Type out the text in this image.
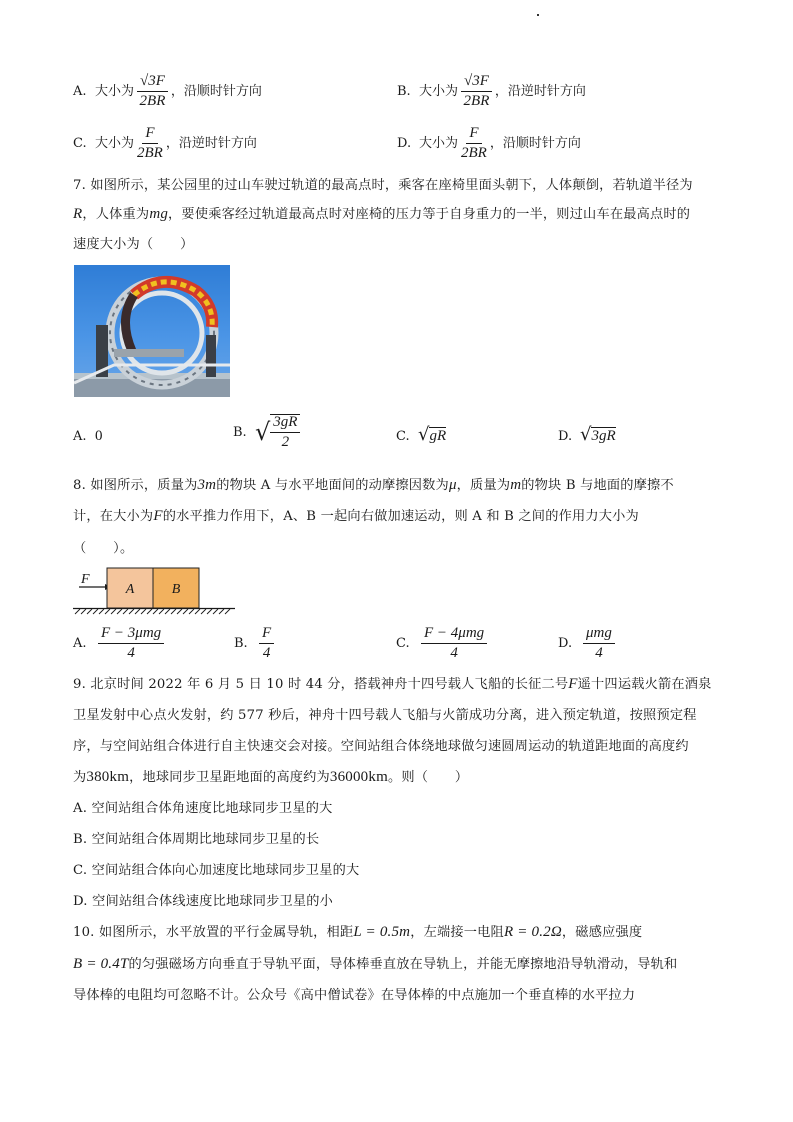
A. 大小为 $\frac{√3F}{2BR}$ ，沿顺时针方向	B. 大小为 $\frac{√3F}{2BR}$ ，沿逆时针方向
C. 大小为 $\frac{F}{2BR}$ ，沿逆时针方向	D. 大小为 $\frac{F}{2BR}$ ，沿顺时针方向
7. 如图所示，某公园里的过山车驶过轨道的最高点时，乘客在座椅里面头朝下，人体颠倒，若轨道半径为
R，人体重为mg，要使乘客经过轨道最高点时对座椅的压力等于自身重力的一半，则过山车在最高点时的
速度大小为（　　）
A. 0	B. √ $\frac{3gR}{2}$	C. √gR	D. √3gR
8. 如图所示，质量为3m的物块 A 与水平地面间的动摩擦因数为μ，质量为m的物块 B 与地面的摩擦不
计，在大小为F的水平推力作用下，A、B 一起向右做加速运动，则 A 和 B 之间的作用力大小为
（　　）。
F
A	B
A. $\frac{\text{F − 3μmg}}{4}$	B. $\frac{F}{4}$	C. $\frac{\text{F − 4μmg}}{4}$	D. $\frac{\text{μmg}}{4}$
9. 北京时间 2022 年 6 月 5 日 10 时 44 分，搭载神舟十四号载人飞船的长征二号F遥十四运载火箭在酒泉
卫星发射中心点火发射，约 577 秒后，神舟十四号载人飞船与火箭成功分离，进入预定轨道，按照预定程
序，与空间站组合体进行自主快速交会对接。空间站组合体绕地球做匀速圆周运动的轨道距地面的高度约
为380km，地球同步卫星距地面的高度约为36000km。则（　　）
A. 空间站组合体角速度比地球同步卫星的大
B. 空间站组合体周期比地球同步卫星的长
C. 空间站组合体向心加速度比地球同步卫星的大
D. 空间站组合体线速度比地球同步卫星的小
10. 如图所示，水平放置的平行金属导轨，相距L = 0.5m，左端接一电阻R = 0.2Ω，磁感应强度
B = 0.4T的匀强磁场方向垂直于导轨平面，导体棒垂直放在导轨上，并能无摩擦地沿导轨滑动，导轨和
导体棒的电阻均可忽略不计。公众号《高中僧试卷》在导体棒的中点施加一个垂直棒的水平拉力
